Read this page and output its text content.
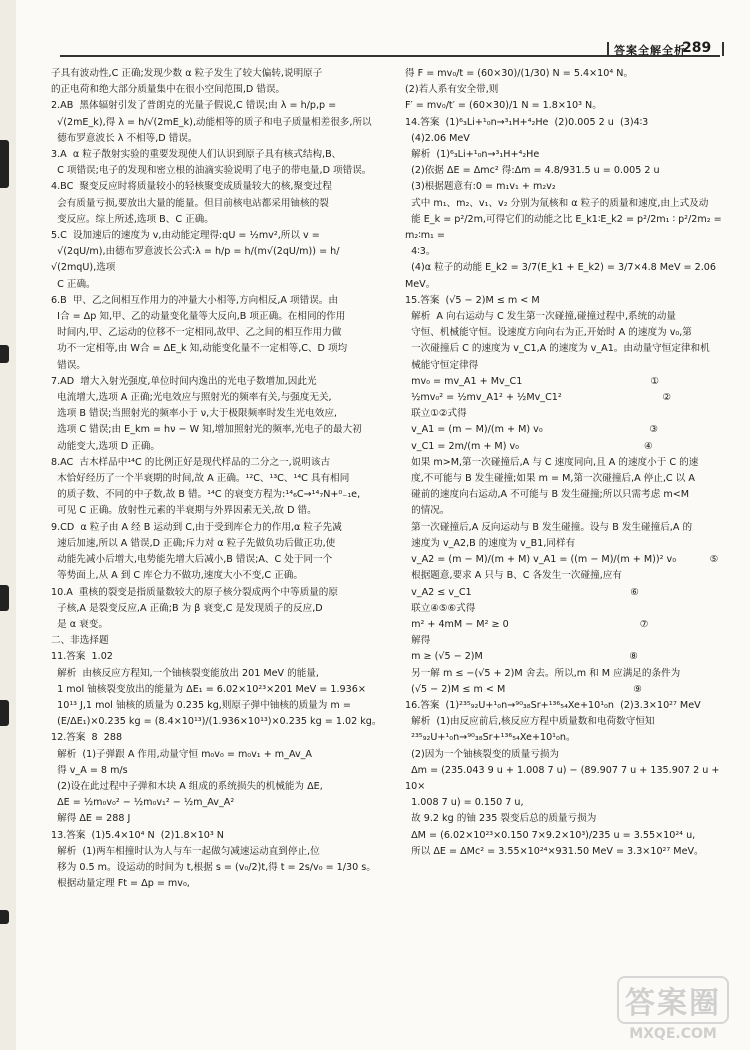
答案全解全析
289
子具有波动性,C 正确;发现少数 α 粒子发生了较大偏转,说明原子
的正电荷和绝大部分质量集中在很小空间范围,D 错误。
2.AB  黑体辐射引发了普朗克的光量子假说,C 错误;由 λ = h/p,p =
√(2mE_k),得 λ = h/√(2mE_k),动能相等的质子和电子质量相差很多,所以
德布罗意波长 λ 不相等,D 错误。
3.A  α 粒子散射实验的重要发现使人们认识到原子具有核式结构,B、
C 项错误;电子的发现和密立根的油滴实验说明了电子的带电量,D 项错误。
4.BC  聚变反应时将质量较小的轻核聚变成质量较大的核,聚变过程
会有质量亏损,要放出大量的能量。但目前核电站都采用铀核的裂
变反应。综上所述,选项 B、C 正确。
5.C  设加速后的速度为 v,由动能定理得:qU = ½mv²,所以 v =
√(2qU/m),由德布罗意波长公式:λ = h/p = h/(m√(2qU/m)) = h/√(2mqU),选项
C 正确。
6.B  甲、乙之间相互作用力的冲量大小相等,方向相反,A 项错误。由
I合 = Δp 知,甲、乙的动量变化量等大反向,B 项正确。在相同的作用
时间内,甲、乙运动的位移不一定相同,故甲、乙之间的相互作用力做
功不一定相等,由 W合 = ΔE_k 知,动能变化量不一定相等,C、D 项均
错误。
7.AD  增大入射光强度,单位时间内逸出的光电子数增加,因此光
电流增大,选项 A 正确;光电效应与照射光的频率有关,与强度无关,
选项 B 错误;当照射光的频率小于 ν,大于极限频率时发生光电效应,
选项 C 错误;由 E_km = hν − W 知,增加照射光的频率,光电子的最大初
动能变大,选项 D 正确。
8.AC  古木样品中¹⁴C 的比例正好是现代样品的二分之一,说明该古
木恰好经历了一个半衰期的时间,故 A 正确。¹²C、¹³C、¹⁴C 具有相同
的质子数、不同的中子数,故 B 错。¹⁴C 的衰变方程为:¹⁴₆C→¹⁴₇N+⁰₋₁e,
可见 C 正确。放射性元素的半衰期与外界因素无关,故 D 错。
9.CD  α 粒子由 A 经 B 运动到 C,由于受到库仑力的作用,α 粒子先减
速后加速,所以 A 错误,D 正确;斥力对 α 粒子先做负功后做正功,使
动能先减小后增大,电势能先增大后减小,B 错误;A、C 处于同一个
等势面上,从 A 到 C 库仑力不做功,速度大小不变,C 正确。
10.A  重核的裂变是指质量数较大的原子核分裂成两个中等质量的原
子核,A 是裂变反应,A 正确;B 为 β 衰变,C 是发现质子的反应,D
是 α 衰变。
二、非选择题
11.答案  1.02
解析  由核反应方程知,一个铀核裂变能放出 201 MeV 的能量,
1 mol 铀核裂变放出的能量为 ΔE₁ = 6.02×10²³×201 MeV = 1.936×
10¹³ J,1 mol 铀核的质量为 0.235 kg,则原子弹中铀核的质量为 m =
(E/ΔE₁)×0.235 kg = (8.4×10¹³)/(1.936×10¹³)×0.235 kg = 1.02 kg。
12.答案  8  288
解析  (1)子弹跟 A 作用,动量守恒 m₀v₀ = m₀v₁ + m_Av_A
得 v_A = 8 m/s
(2)设在此过程中子弹和木块 A 组成的系统损失的机械能为 ΔE,
ΔE = ½m₀v₀² − ½m₀v₁² − ½m_Av_A²
解得 ΔE = 288 J
13.答案  (1)5.4×10⁴ N  (2)1.8×10³ N
解析  (1)两车相撞时认为人与车一起做匀减速运动直到停止,位
移为 0.5 m。设运动的时间为 t,根据 s = (v₀/2)t,得 t = 2s/v₀ = 1/30 s。
根据动量定理 Ft = Δp = mv₀,
得 F = mv₀/t = (60×30)/(1/30) N = 5.4×10⁴ N。
(2)若人系有安全带,则
F′ = mv₀/t′ = (60×30)/1 N = 1.8×10³ N。
14.答案  (1)⁶₃Li+¹₀n→³₁H+⁴₂He  (2)0.005 2 u  (3)4∶3
(4)2.06 MeV
解析  (1)⁶₃Li+¹₀n→³₁H+⁴₂He
(2)依据 ΔE = Δmc² 得:Δm = 4.8/931.5 u = 0.005 2 u
(3)根据题意有:0 = m₁v₁ + m₂v₂
式中 m₁、m₂、v₁、v₂ 分别为氚核和 α 粒子的质量和速度,由上式及动
能 E_k = p²/2m,可得它们的动能之比 E_k1∶E_k2 = p²/2m₁ ∶ p²/2m₂ = m₂∶m₁ =
4∶3。
(4)α 粒子的动能 E_k2 = 3/7(E_k1 + E_k2) = 3/7×4.8 MeV = 2.06 MeV。
15.答案  (√5 − 2)M ≤ m < M
解析  A 向右运动与 C 发生第一次碰撞,碰撞过程中,系统的动量
守恒、机械能守恒。设速度方向向右为正,开始时 A 的速度为 v₀,第
一次碰撞后 C 的速度为 v_C1,A 的速度为 v_A1。由动量守恒定律和机
械能守恒定律得
mv₀ = mv_A1 + Mv_C1                                          ①
½mv₀² = ½mv_A1² + ½Mv_C1²                                 ②
联立①②式得
v_A1 = (m − M)/(m + M) v₀                                   ③
v_C1 = 2m/(m + M) v₀                                         ④
如果 m>M,第一次碰撞后,A 与 C 速度同向,且 A 的速度小于 C 的速
度,不可能与 B 发生碰撞;如果 m = M,第一次碰撞后,A 停止,C 以 A
碰前的速度向右运动,A 不可能与 B 发生碰撞;所以只需考虑 m<M
的情况。
第一次碰撞后,A 反向运动与 B 发生碰撞。设与 B 发生碰撞后,A 的
速度为 v_A2,B 的速度为 v_B1,同样有
v_A2 = (m − M)/(m + M) v_A1 = ((m − M)/(m + M))² v₀           ⑤
根据题意,要求 A 只与 B、C 各发生一次碰撞,应有
v_A2 ≤ v_C1                                                    ⑥
联立④⑤⑥式得
m² + 4mM − M² ≥ 0                                           ⑦
解得
m ≥ (√5 − 2)M                                                ⑧
另一解 m ≤ −(√5 + 2)M 舍去。所以,m 和 M 应满足的条件为
(√5 − 2)M ≤ m < M                                          ⑨
16.答案  (1)²³⁵₉₂U+¹₀n→⁹⁰₃₈Sr+¹³⁶₅₄Xe+10¹₀n  (2)3.3×10²⁷ MeV
解析  (1)由反应前后,核反应方程中质量数和电荷数守恒知
²³⁵₉₂U+¹₀n→⁹⁰₃₈Sr+¹³⁶₅₄Xe+10¹₀n。
(2)因为一个铀核裂变的质量亏损为
Δm = (235.043 9 u + 1.008 7 u) − (89.907 7 u + 135.907 2 u + 10×
1.008 7 u) = 0.150 7 u,
故 9.2 kg 的铀 235 裂变后总的质量亏损为
ΔM = (6.02×10²³×0.150 7×9.2×10³)/235 u = 3.55×10²⁴ u,
所以 ΔE = ΔMc² = 3.55×10²⁴×931.50 MeV = 3.3×10²⁷ MeV。
答案圈
MXQE.COM
